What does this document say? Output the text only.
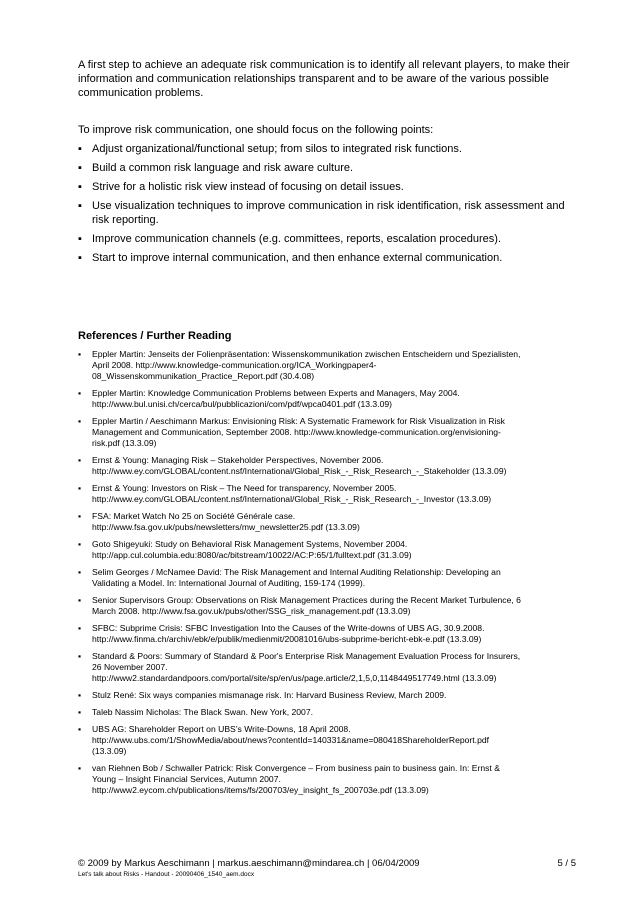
A first step to achieve an adequate risk communication is to identify all relevant players, to make their information and communication relationships transparent and to be aware of the various possible communication problems.

To improve risk communication, one should focus on the following points:

▪ Adjust organizational/functional setup; from silos to integrated risk functions.
▪ Build a common risk language and risk aware culture.
▪ Strive for a holistic risk view instead of focusing on detail issues.
▪ Use visualization techniques to improve communication in risk identification, risk assessment and risk reporting.
▪ Improve communication channels (e.g. committees, reports, escalation procedures).
▪ Start to improve internal communication, and then enhance external communication.
References / Further Reading
▪ Eppler Martin: Jenseits der Folienpräsentation: Wissenskommunikation zwischen Entscheidern und Spezialisten,
April 2008. http://www.knowledge-communication.org/ICA_Workingpaper4-
08_Wissenskommunikation_Practice_Report.pdf (30.4.08)
▪ Eppler Martin: Knowledge Communication Problems between Experts and Managers, May 2004.
http://www.bul.unisi.ch/cerca/bul/pubblicazioni/com/pdf/wpca0401.pdf (13.3.09)
▪ Eppler Martin / Aeschimann Markus: Envisioning Risk: A Systematic Framework for Risk Visualization in Risk
Management and Communication, September 2008. http://www.knowledge-communication.org/envisioning-
risk.pdf (13.3.09)
▪ Ernst & Young: Managing Risk – Stakeholder Perspectives, November 2006.
http://www.ey.com/GLOBAL/content.nsf/International/Global_Risk_-_Risk_Research_-_Stakeholder (13.3.09)
▪ Ernst & Young: Investors on Risk – The Need for transparency, November 2005.
http://www.ey.com/GLOBAL/content.nsf/International/Global_Risk_-_Risk_Research_-_Investor (13.3.09)
▪ FSA: Market Watch No 25 on Société Générale case.
http://www.fsa.gov.uk/pubs/newsletters/mw_newsletter25.pdf (13.3.09)
▪ Goto Shigeyuki: Study on Behavioral Risk Management Systems, November 2004.
http://app.cul.columbia.edu:8080/ac/bitstream/10022/AC:P:65/1/fulltext.pdf (31.3.09)
▪ Selim Georges / McNamee David: The Risk Management and Internal Auditing Relationship: Developing an
Validating a Model. In: International Journal of Auditing, 159-174 (1999).
▪ Senior Supervisors Group: Observations on Risk Management Practices during the Recent Market Turbulence, 6
March 2008. http://www.fsa.gov.uk/pubs/other/SSG_risk_management.pdf (13.3.09)
▪ SFBC: Subprime Crisis: SFBC Investigation Into the Causes of the Write-downs of UBS AG, 30.9.2008.
http://www.finma.ch/archiv/ebk/e/publik/medienmit/20081016/ubs-subprime-bericht-ebk-e.pdf (13.3.09)
▪ Standard & Poors: Summary of Standard & Poor's Enterprise Risk Management Evaluation Process for Insurers,
26 November 2007.
http://www2.standardandpoors.com/portal/site/sp/en/us/page.article/2,1,5,0,1148449517749.html (13.3.09)
▪ Stulz René: Six ways companies mismanage risk. In: Harvard Business Review, March 2009.
▪ Taleb Nassim Nicholas: The Black Swan. New York, 2007.
▪ UBS AG: Shareholder Report on UBS’s Write-Downs, 18 April 2008.
http://www.ubs.com/1/ShowMedia/about/news?contentId=140331&name=080418ShareholderReport.pdf
(13.3.09)
▪ van Riehnen Bob / Schwaller Patrick: Risk Convergence – From business pain to business gain. In: Ernst &
Young – Insight Financial Services, Autumn 2007.
http://www2.eycom.ch/publications/items/fs/200703/ey_insight_fs_200703e.pdf (13.3.09)
© 2009 by Markus Aeschimann | markus.aeschimann@mindarea.ch | 06/04/2009	5 / 5
Let's talk about Risks - Handout - 20090406_1540_aem.docx
